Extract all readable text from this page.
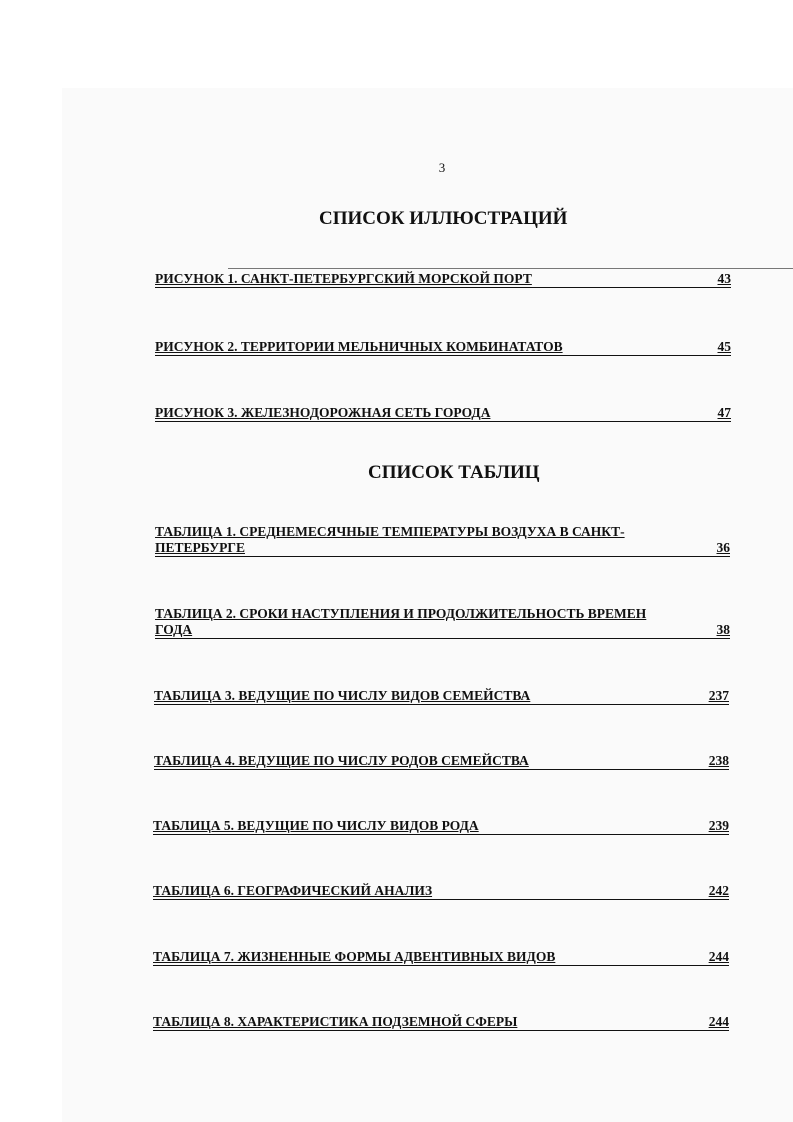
3
СПИСОК ИЛЛЮСТРАЦИЙ
РИСУНОК 1. САНКТ-ПЕТЕРБУРГСКИЙ МОРСКОЙ ПОРТ	43
РИСУНОК 2. ТЕРРИТОРИИ МЕЛЬНИЧНЫХ КОМБИНАТАТОВ	45
РИСУНОК 3. ЖЕЛЕЗНОДОРОЖНАЯ СЕТЬ ГОРОДА	47
СПИСОК ТАБЛИЦ
ТАБЛИЦА 1. СРЕДНЕМЕСЯЧНЫЕ ТЕМПЕРАТУРЫ ВОЗДУХА В САНКТ-
ПЕТЕРБУРГЕ	36
ТАБЛИЦА 2. СРОКИ НАСТУПЛЕНИЯ И ПРОДОЛЖИТЕЛЬНОСТЬ ВРЕМЕН
ГОДА	38
ТАБЛИЦА 3. ВЕДУЩИЕ ПО ЧИСЛУ ВИДОВ СЕМЕЙСТВА	237
ТАБЛИЦА 4. ВЕДУЩИЕ ПО ЧИСЛУ РОДОВ СЕМЕЙСТВА	238
ТАБЛИЦА 5. ВЕДУЩИЕ ПО ЧИСЛУ ВИДОВ РОДА	239
ТАБЛИЦА 6. ГЕОГРАФИЧЕСКИЙ АНАЛИЗ	242
ТАБЛИЦА 7. ЖИЗНЕННЫЕ ФОРМЫ АДВЕНТИВНЫХ ВИДОВ	244
ТАБЛИЦА 8. ХАРАКТЕРИСТИКА ПОДЗЕМНОЙ СФЕРЫ	244
